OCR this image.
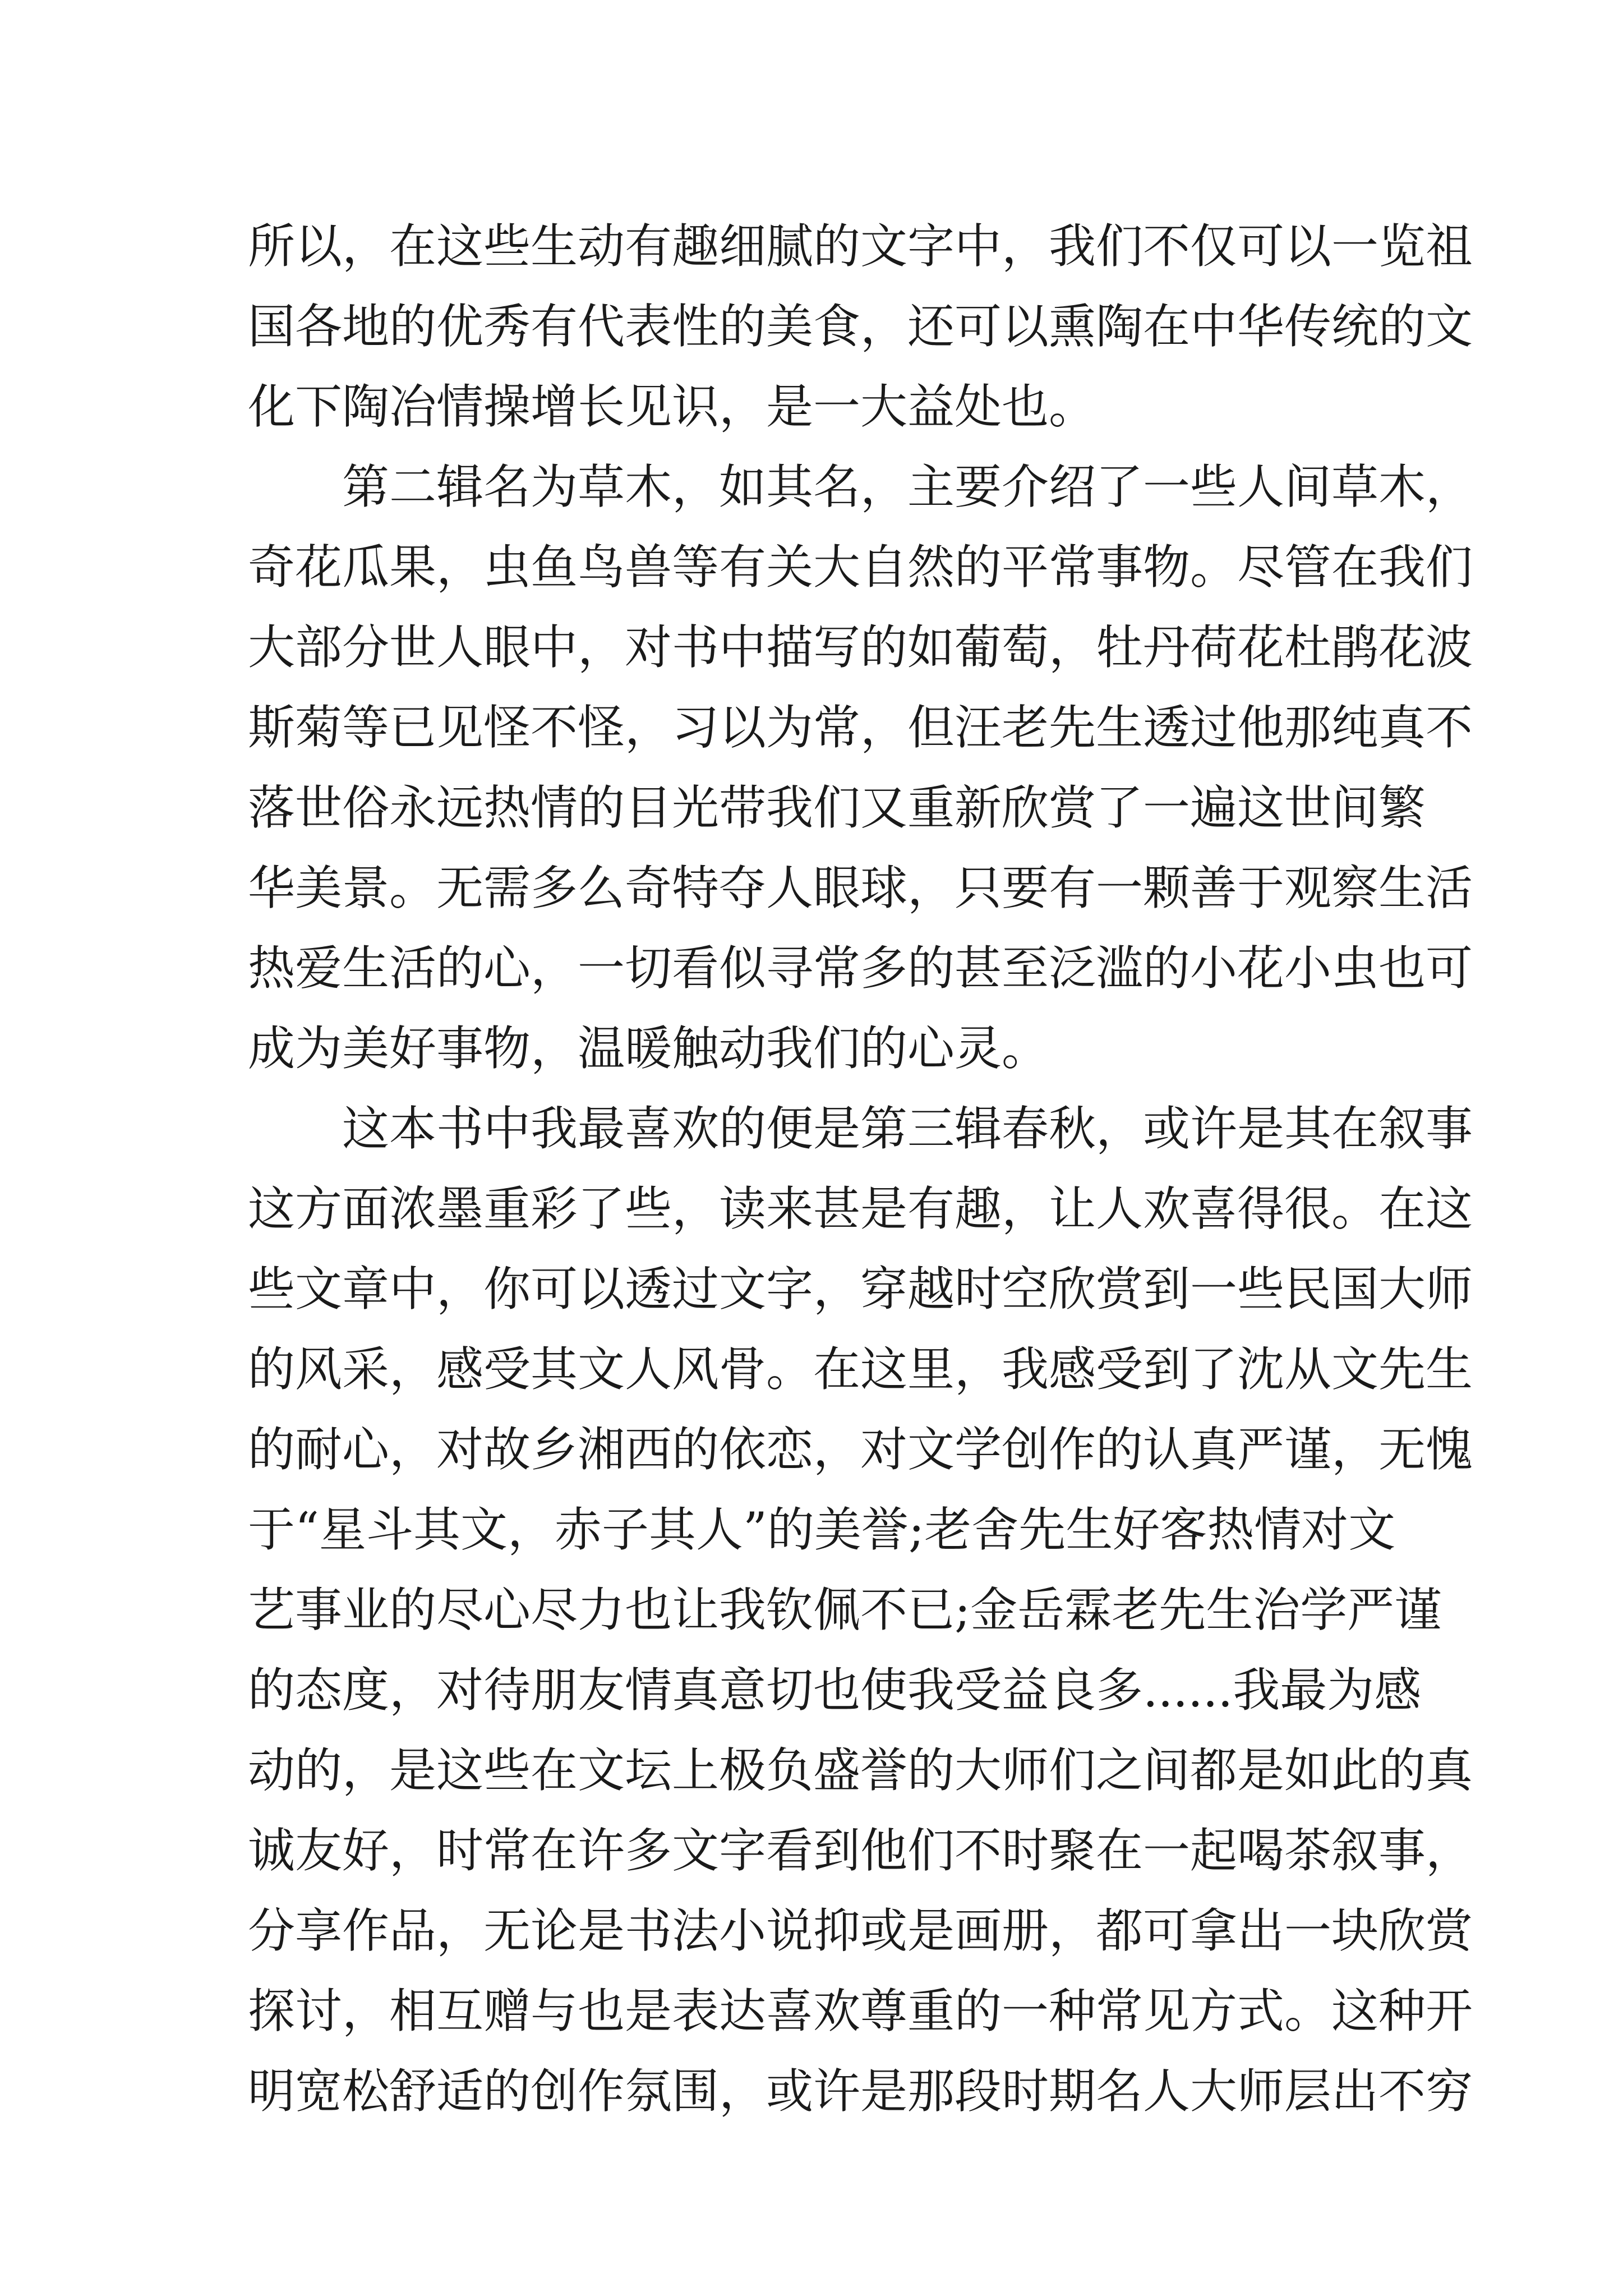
所以，在这些生动有趣细腻的文字中，我们不仅可以一览祖
国各地的优秀有代表性的美食，还可以熏陶在中华传统的文
化下陶冶情操增长见识，是一大益处也。
　　第二辑名为草木，如其名，主要介绍了一些人间草木，
奇花瓜果，虫鱼鸟兽等有关大自然的平常事物。尽管在我们
大部分世人眼中，对书中描写的如葡萄，牡丹荷花杜鹃花波
斯菊等已见怪不怪，习以为常，但汪老先生透过他那纯真不
落世俗永远热情的目光带我们又重新欣赏了一遍这世间繁
华美景。无需多么奇特夺人眼球，只要有一颗善于观察生活
热爱生活的心，一切看似寻常多的甚至泛滥的小花小虫也可
成为美好事物，温暖触动我们的心灵。
　　这本书中我最喜欢的便是第三辑春秋，或许是其在叙事
这方面浓墨重彩了些，读来甚是有趣，让人欢喜得很。在这
些文章中，你可以透过文字，穿越时空欣赏到一些民国大师
的风采，感受其文人风骨。在这里，我感受到了沈从文先生
的耐心，对故乡湘西的依恋，对文学创作的认真严谨，无愧
于“星斗其文，赤子其人”的美誉;老舍先生好客热情对文
艺事业的尽心尽力也让我钦佩不已;金岳霖老先生治学严谨
的态度，对待朋友情真意切也使我受益良多......我最为感
动的，是这些在文坛上极负盛誉的大师们之间都是如此的真
诚友好，时常在许多文字看到他们不时聚在一起喝茶叙事，
分享作品，无论是书法小说抑或是画册，都可拿出一块欣赏
探讨，相互赠与也是表达喜欢尊重的一种常见方式。这种开
明宽松舒适的创作氛围，或许是那段时期名人大师层出不穷
